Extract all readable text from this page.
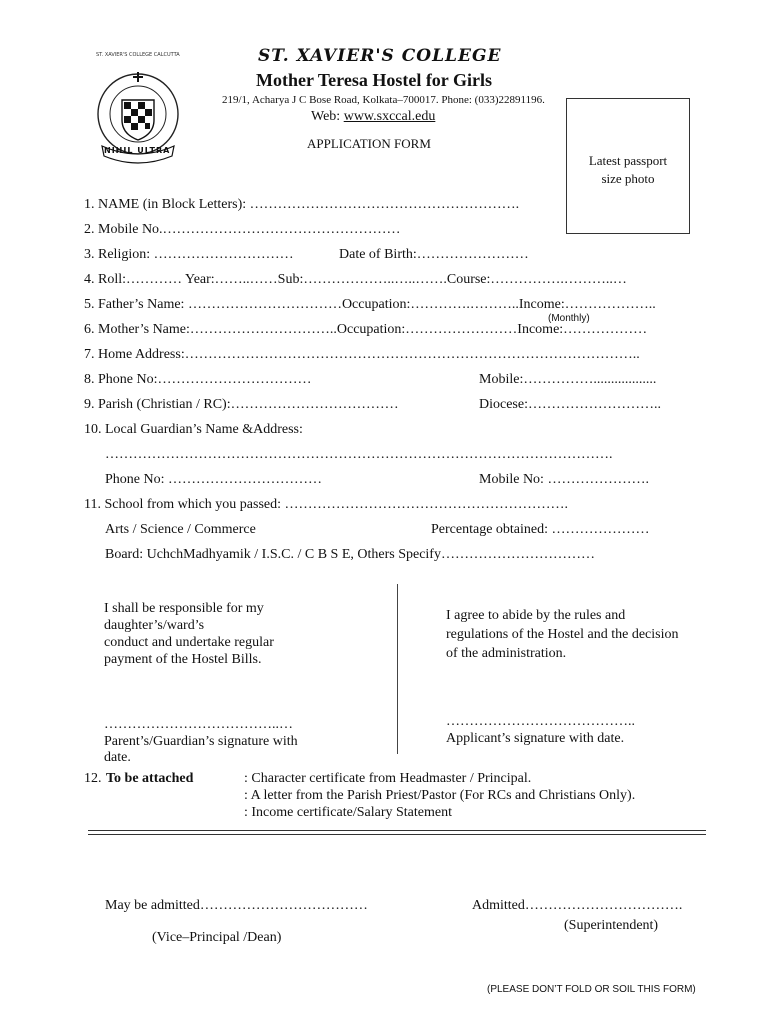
NIHIL ULTRA
ST. XAVIER'S COLLEGE CALCUTTA	ST. XAVIER'S COLLEGE
Mother Teresa Hostel for Girls
219/1, Acharya J C Bose Road, Kolkata–700017. Phone: (033)22891196.
Web: www.sxccal.edu
APPLICATION FORM
Latest passport
size photo
1. NAME (in Block Letters): ………………………………………………….
2. Mobile No.……………………………………………
3. Religion: …………………………	Date of Birth:……………………
4. Roll:………… Year:……..……Sub:………………..…..…….Course:…………….………..…
5. Father’s Name: ……………………………Occupation:………….………..Income:………………..
(Monthly)
6. Mother’s Name:…………………………..Occupation:……………………Income:………………
7. Home Address:……………………………………………………………………………………..
8. Phone No:……………………………	Mobile:……………..................
9. Parish (Christian / RC):………………………………	Diocese:………………………..
10. Local Guardian’s Name &Address:
……………………………………………………………………………………………….
Phone No: ……………………………	Mobile No: ………………….
11. School from which you passed: …………………………………………………….
Arts / Science / Commerce	Percentage obtained: …………………
Board: UchchMadhyamik / I.S.C. / C B S E, Others Specify……………………………
I shall be responsible for my
daughter’s/ward’s
conduct and undertake regular
payment of the Hostel Bills.
………………………………..…
Parent’s/Guardian’s signature with
date.
I agree to abide by the rules and
regulations of the Hostel and the decision
of the administration.
…………………………………..
Applicant’s signature with date.
12. To be attached	: Character certificate from Headmaster / Principal.
: A letter from the Parish Priest/Pastor (For RCs and Christians Only).
: Income certificate/Salary Statement
May be admitted………………………………
(Vice–Principal /Dean)
Admitted…………………………….
(Superintendent)
(PLEASE DON’T FOLD OR SOIL THIS FORM)
